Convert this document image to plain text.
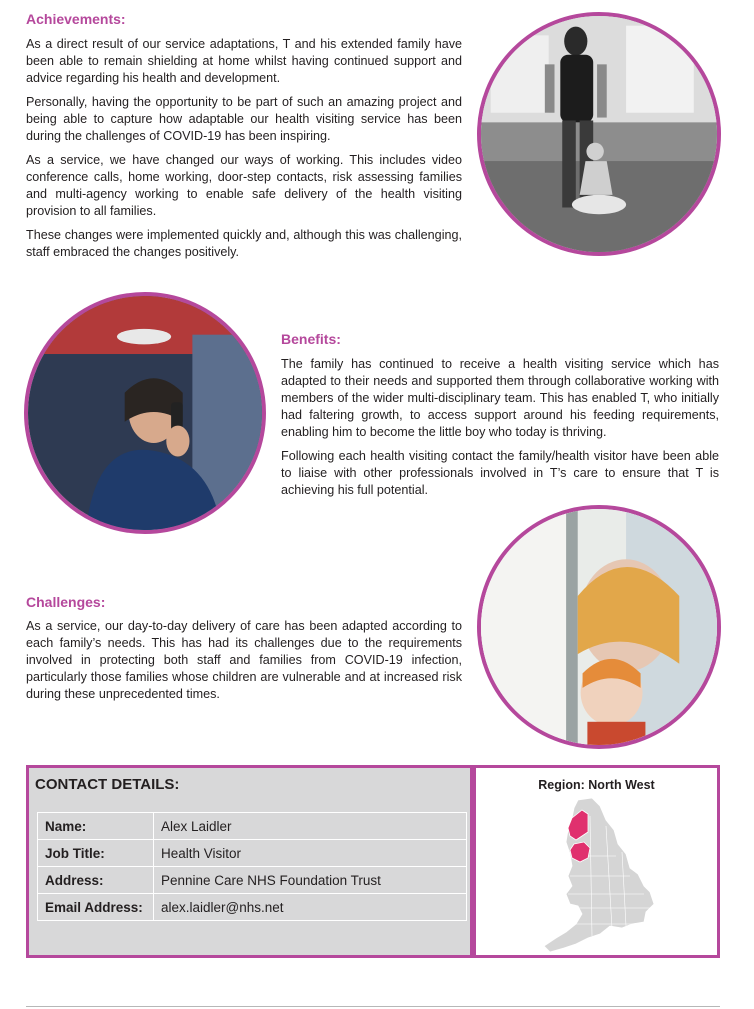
Achievements:

As a direct result of our service adaptations, T and his extended family have been able to remain shielding at home whilst having continued support and advice regarding his health and development.

Personally, having the opportunity to be part of such an amazing project and being able to capture how adaptable our health visiting service has been during the challenges of COVID-19 has been inspiring.

As a service, we have changed our ways of working. This includes video conference calls, home working, door-step contacts, risk assessing families and multi-agency working to enable safe delivery of the health visiting provision to all families.

These changes were implemented quickly and, although this was challenging, staff embraced the changes positively.

Benefits:

The family has continued to receive a health visiting service which has adapted to their needs and supported them through collaborative working with members of the wider multi-disciplinary team. This has enabled T, who initially had faltering growth, to access support around his feeding requirements, enabling him to become the little boy who today is thriving.

Following each health visiting contact the family/health visitor have been able to liaise with other professionals involved in T’s care to ensure that T is achieving his full potential.

Challenges:

As a service, our day-to-day delivery of care has been adapted according to each family’s needs. This has had its challenges due to the requirements involved in protecting both staff and families from COVID-19 infection, particularly those families whose children are vulnerable and at increased risk during these unprecedented times.

CONTACT DETAILS:
Name:	Alex Laidler
Job Title:	Health Visitor
Address:	Pennine Care NHS Foundation Trust
Email Address:	alex.laidler@nhs.net
Region: North West
